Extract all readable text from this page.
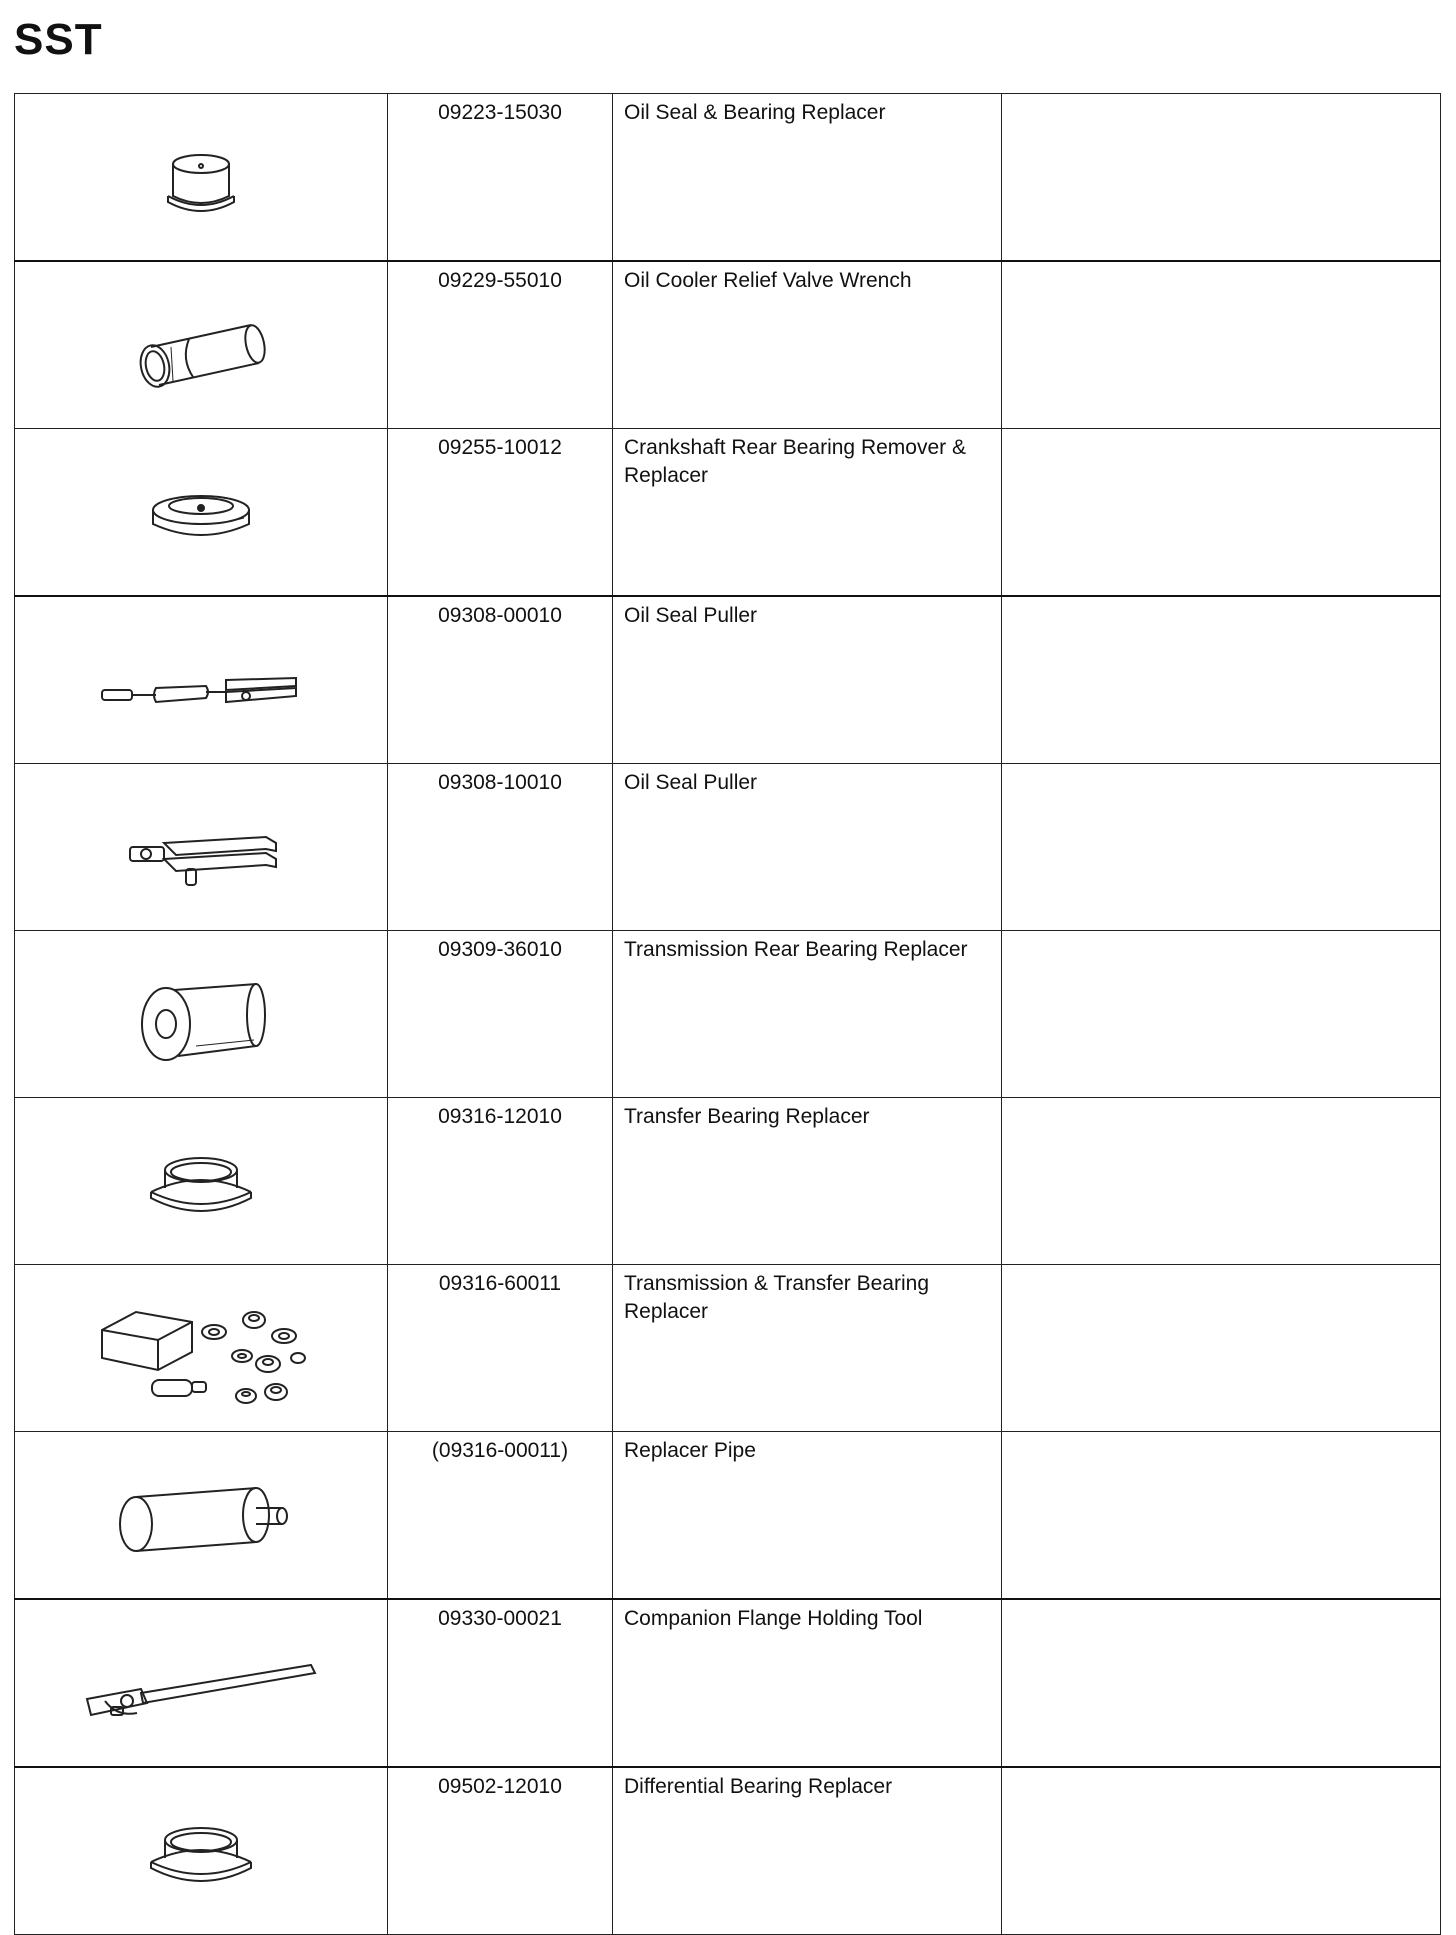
SST
	09223-15030	Oil Seal & Bearing Replacer	

	09229-55010	Oil Cooler Relief Valve Wrench	

	09255-10012	Crankshaft Rear Bearing Remover & Replacer	

	09308-00010	Oil Seal Puller	

	09308-10010	Oil Seal Puller	

	09309-36010	Transmission Rear Bearing Replacer	

	09316-12010	Transfer Bearing Replacer	

	09316-60011	Transmission & Transfer Bearing Replacer	

	(09316-00011)	Replacer Pipe	

	09330-00021	Companion Flange Holding Tool	

	09502-12010	Differential Bearing Replacer	
